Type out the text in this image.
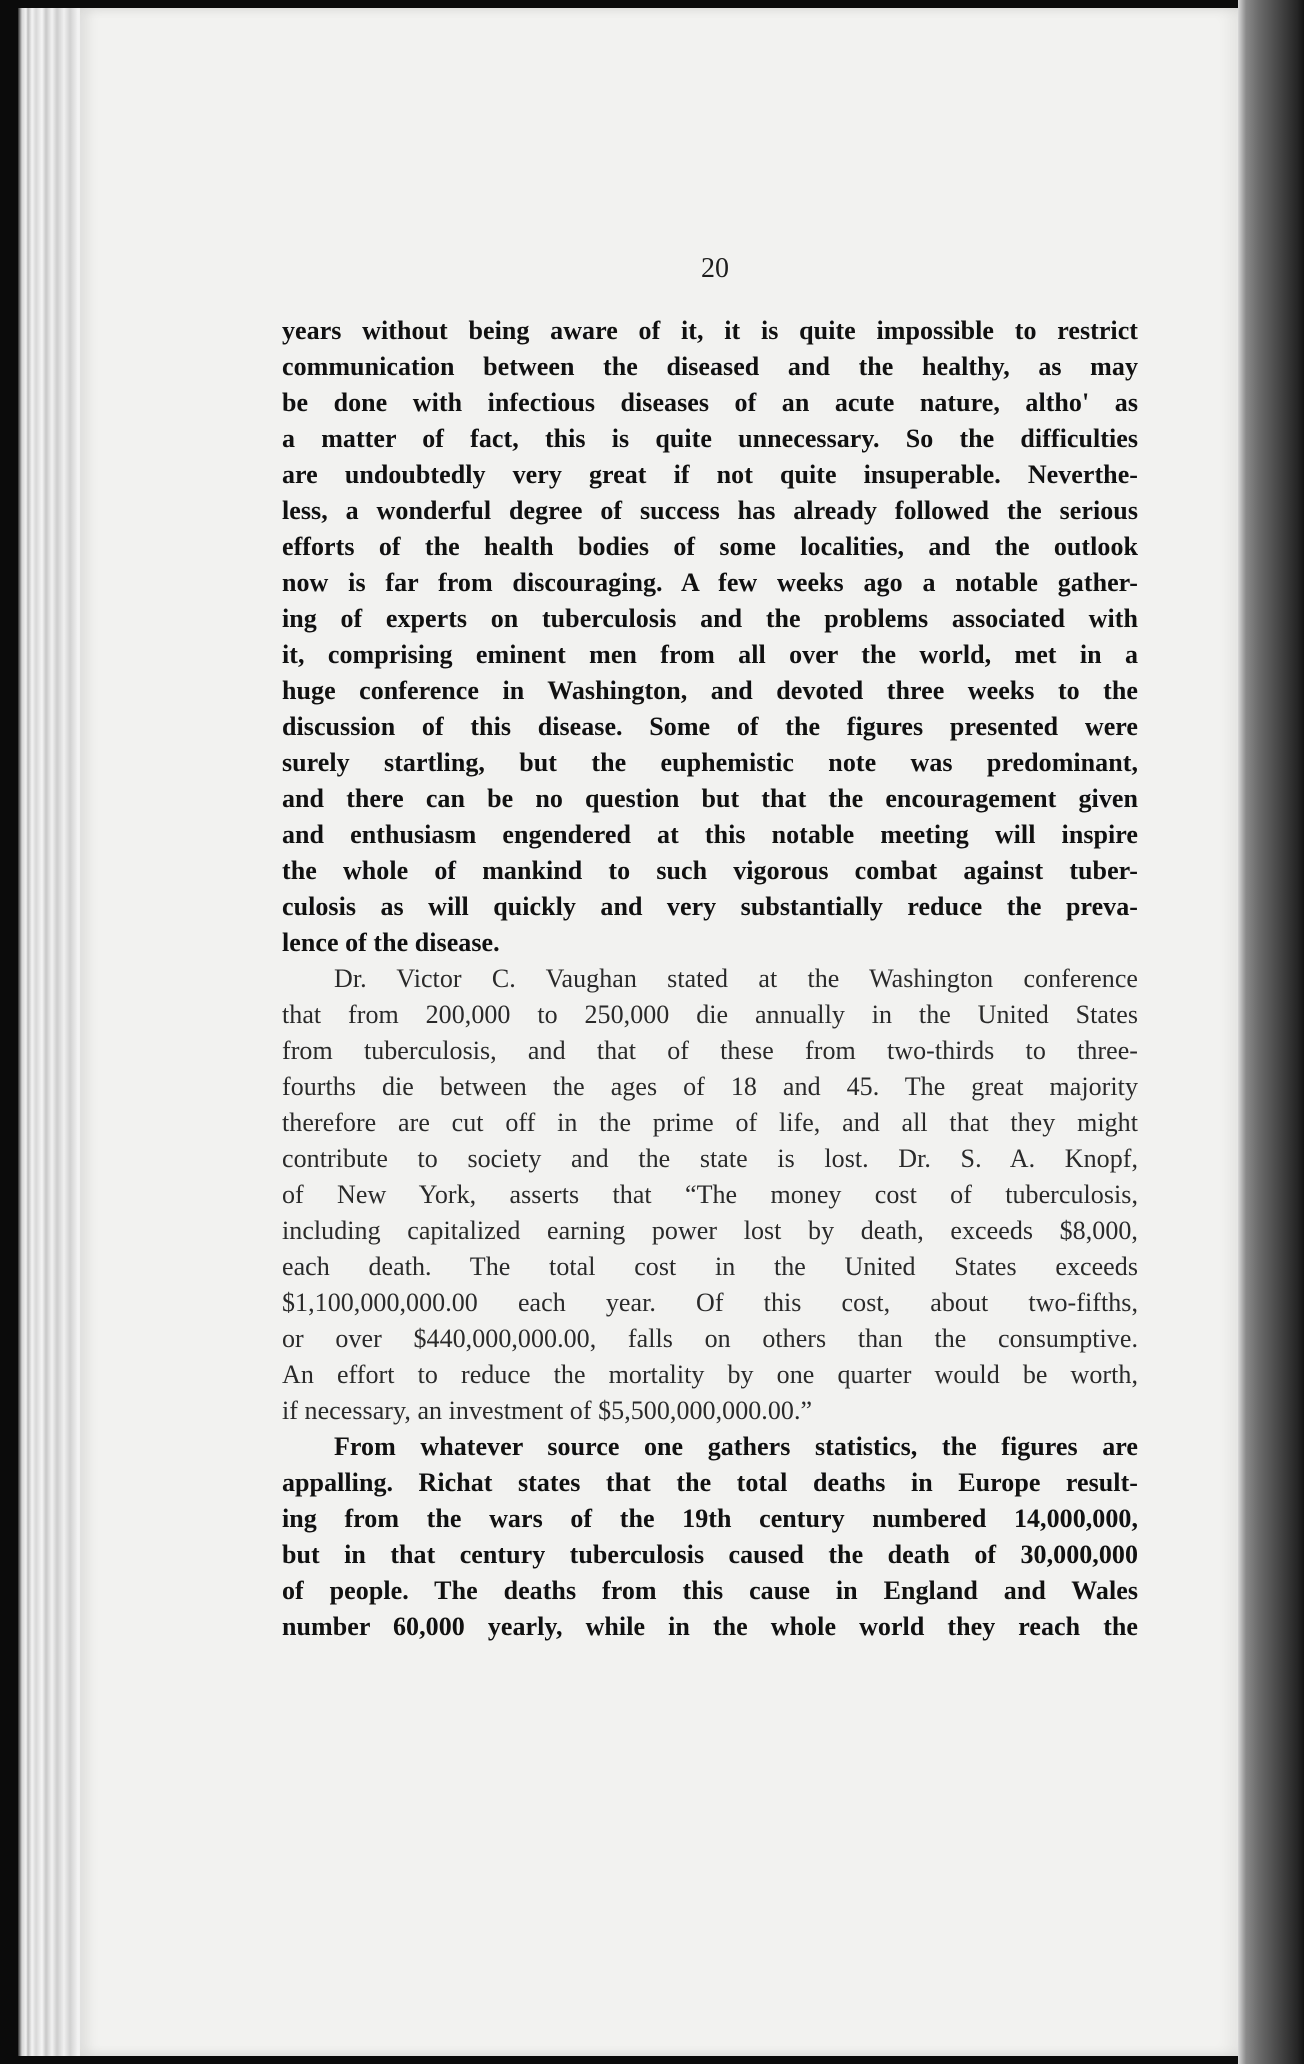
20

years without being aware of it, it is quite impossible to restrict
communication between the diseased and the healthy, as may
be done with infectious diseases of an acute nature, altho' as
a matter of fact, this is quite unnecessary. So the difficulties
are undoubtedly very great if not quite insuperable. Neverthe-
less, a wonderful degree of success has already followed the serious
efforts of the health bodies of some localities, and the outlook
now is far from discouraging. A few weeks ago a notable gather-
ing of experts on tuberculosis and the problems associated with
it, comprising eminent men from all over the world, met in a
huge conference in Washington, and devoted three weeks to the
discussion of this disease. Some of the figures presented were
surely startling, but the euphemistic note was predominant,
and there can be no question but that the encouragement given
and enthusiasm engendered at this notable meeting will inspire
the whole of mankind to such vigorous combat against tuber-
culosis as will quickly and very substantially reduce the preva-
lence of the disease.

Dr. Victor C. Vaughan stated at the Washington conference
that from 200,000 to 250,000 die annually in the United States
from tuberculosis, and that of these from two-thirds to three-
fourths die between the ages of 18 and 45. The great majority
therefore are cut off in the prime of life, and all that they might
contribute to society and the state is lost. Dr. S. A. Knopf,
of New York, asserts that “The money cost of tuberculosis,
including capitalized earning power lost by death, exceeds $8,000,
each death. The total cost in the United States exceeds
$1,100,000,000.00 each year. Of this cost, about two-fifths,
or over $440,000,000.00, falls on others than the consumptive.
An effort to reduce the mortality by one quarter would be worth,
if necessary, an investment of $5,500,000,000.00.”

From whatever source one gathers statistics, the figures are
appalling. Richat states that the total deaths in Europe result-
ing from the wars of the 19th century numbered 14,000,000,
but in that century tuberculosis caused the death of 30,000,000
of people. The deaths from this cause in England and Wales
number 60,000 yearly, while in the whole world they reach the
